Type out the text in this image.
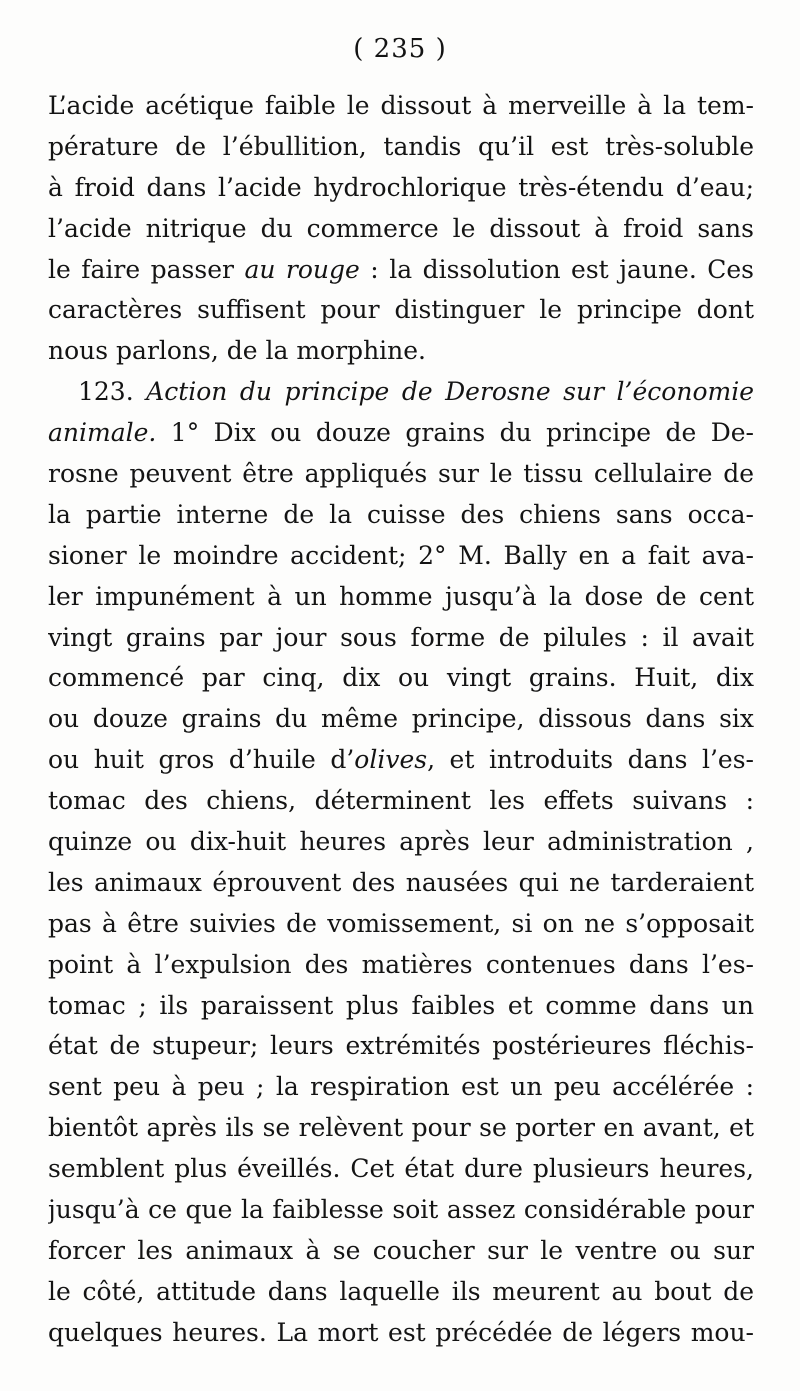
( 235 )
L’acide acétique faible le dissout à merveille à la tem-
pérature de l’ébullition, tandis qu’il est très-soluble
à froid dans l’acide hydrochlorique très-étendu d’eau;
l’acide nitrique du commerce le dissout à froid sans
le faire passer au rouge : la dissolution est jaune. Ces
caractères suffisent pour distinguer le principe dont
nous parlons, de la morphine.
123. Action du principe de Derosne sur l’économie
animale. 1° Dix ou douze grains du principe de De-
rosne peuvent être appliqués sur le tissu cellulaire de
la partie interne de la cuisse des chiens sans occa-
sioner le moindre accident; 2° M. Bally en a fait ava-
ler impunément à un homme jusqu’à la dose de cent
vingt grains par jour sous forme de pilules : il avait
commencé par cinq, dix ou vingt grains. Huit, dix
ou douze grains du même principe, dissous dans six
ou huit gros d’huile d’olives, et introduits dans l’es-
tomac des chiens, déterminent les effets suivans :
quinze ou dix-huit heures après leur administration ,
les animaux éprouvent des nausées qui ne tarderaient
pas à être suivies de vomissement, si on ne s’opposait
point à l’expulsion des matières contenues dans l’es-
tomac ; ils paraissent plus faibles et comme dans un
état de stupeur; leurs extrémités postérieures fléchis-
sent peu à peu ; la respiration est un peu accélérée :
bientôt après ils se relèvent pour se porter en avant, et
semblent plus éveillés. Cet état dure plusieurs heures,
jusqu’à ce que la faiblesse soit assez considérable pour
forcer les animaux à se coucher sur le ventre ou sur
le côté, attitude dans laquelle ils meurent au bout de
quelques heures. La mort est précédée de légers mou-
